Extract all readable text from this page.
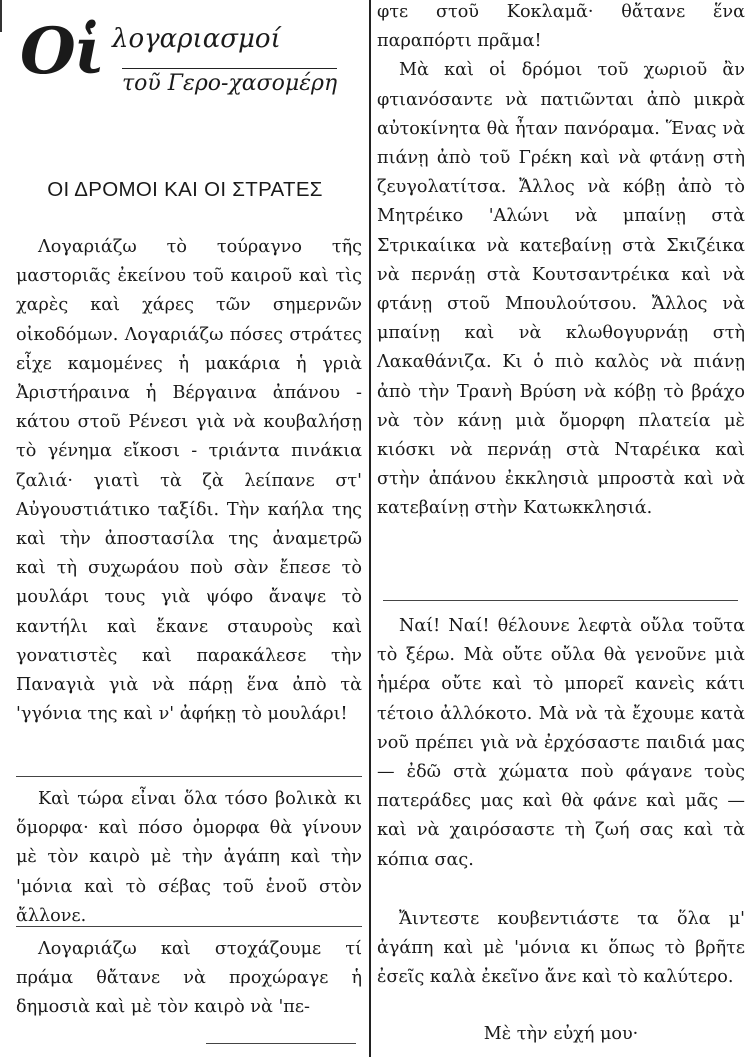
Οἱ λογαριασμοί
τοῦ Γερο-χασομέρη
ΟΙ ΔΡΟΜΟΙ ΚΑΙ ΟΙ ΣΤΡΑΤΕΣ

Λογαριάζω τὸ τούραγνο τῆς μαστοριᾶς ἐκείνου τοῦ καιροῦ καὶ τὶς χαρὲς καὶ χάρες τῶν σημερνῶν οἰκοδόμων. Λογαριάζω πόσες στράτες εἶχε καμομένες ἡ μακάρια ἡ γριὰ Ἀριστήραινα ἡ Βέργαινα ἀπάνου - κάτου στοῦ Ρένεσι γιὰ νὰ κουβαλήσῃ τὸ γένημα εἴκοσι - τριάντα πινάκια ζαλιά· γιατὶ τὰ ζὰ λείπανε στ' Αὐγουστιάτικο ταξίδι. Τὴν καήλα της καὶ τὴν ἀποστασίλα της ἀναμετρῶ καὶ τὴ συχωράου ποὺ σὰν ἔπεσε τὸ μουλάρι τους γιὰ ψόφο ἄναψε τὸ καντήλι καὶ ἔκανε σταυροὺς καὶ γονατιστὲς καὶ παρακάλεσε τὴν Παναγιὰ γιὰ νὰ πάρῃ ἕνα ἀπὸ τὰ 'γγόνια της καὶ ν' ἀφήκῃ τὸ μουλάρι!

Καὶ τώρα εἶναι ὅλα τόσο βολικὰ κι ὅμορφα· καὶ πόσο ὀμορφα θὰ γίνουν μὲ τὸν καιρὸ μὲ τὴν ἀγάπη καὶ τὴν 'μόνια καὶ τὸ σέβας τοῦ ἑνοῦ στὸν ἄλλονε.

Λογαριάζω καὶ στοχάζουμε τί πράμα θἄτανε νὰ προχώραγε ἡ δημοσιὰ καὶ μὲ τὸν καιρὸ νὰ 'πε-

φτε στοῦ Κοκλαμᾶ· θἄτανε ἕνα παραπόρτι πρᾶμα!

Μὰ καὶ οἱ δρόμοι τοῦ χωριοῦ ἂν φτιανόσαντε νὰ πατιῶνται ἀπὸ μικρὰ αὐτοκίνητα θὰ ἦταν πανόραμα. Ἕνας νὰ πιάνῃ ἀπὸ τοῦ Γρέκη καὶ νὰ φτάνῃ στὴ ζευγολατίτσα. Ἄλλος νὰ κόβῃ ἀπὸ τὸ Μητρέικο 'Αλώνι νὰ μπαίνῃ στὰ Στρικαίικα νὰ κατεβαίνῃ στὰ Σκιζέικα νὰ περνάῃ στὰ Κουτσαντρέικα καὶ νὰ φτάνῃ στοῦ Μπουλούτσου. Ἄλλος νὰ μπαίνῃ καὶ νὰ κλωθογυρνάῃ στὴ Λακαθάνιζα. Κι ὁ πιὸ καλὸς νὰ πιάνῃ ἀπὸ τὴν Τρανὴ Βρύση νὰ κόβῃ τὸ βράχο νὰ τὸν κάνῃ μιὰ ὄμορφη πλατεία μὲ κιόσκι νὰ περνάῃ στὰ Νταρέικα καὶ στὴν ἀπάνου ἐκκλησιὰ μπροστὰ καὶ νὰ κατεβαίνῃ στὴν Κατωκκλησιά.

Ναί! Ναί! θέλουνε λεφτὰ οὔλα τοῦτα τὸ ξέρω. Μὰ οὔτε οὔλα θὰ γενοῦνε μιὰ ἡμέρα οὔτε καὶ τὸ μπορεῖ κανεὶς κάτι τέτοιο ἀλλόκοτο. Μὰ νὰ τὰ ἔχουμε κατὰ νοῦ πρέπει γιὰ νὰ ἐρχόσαστε παιδιά μας — ἐδῶ στὰ χώματα ποὺ φάγανε τοὺς πατεράδες μας καὶ θὰ φάνε καὶ μᾶς — καὶ νὰ χαιρόσαστε τὴ ζωή σας καὶ τὰ κόπια σας.

Ἄιντεστε κουβεντιάστε τα ὅλα μ' ἀγάπη καὶ μὲ 'μόνια κι ὅπως τὸ βρῆτε ἐσεῖς καλὰ ἐκεῖνο ἄνε καὶ τὸ καλύτερο.

Μὲ τὴν εὐχή μου·
